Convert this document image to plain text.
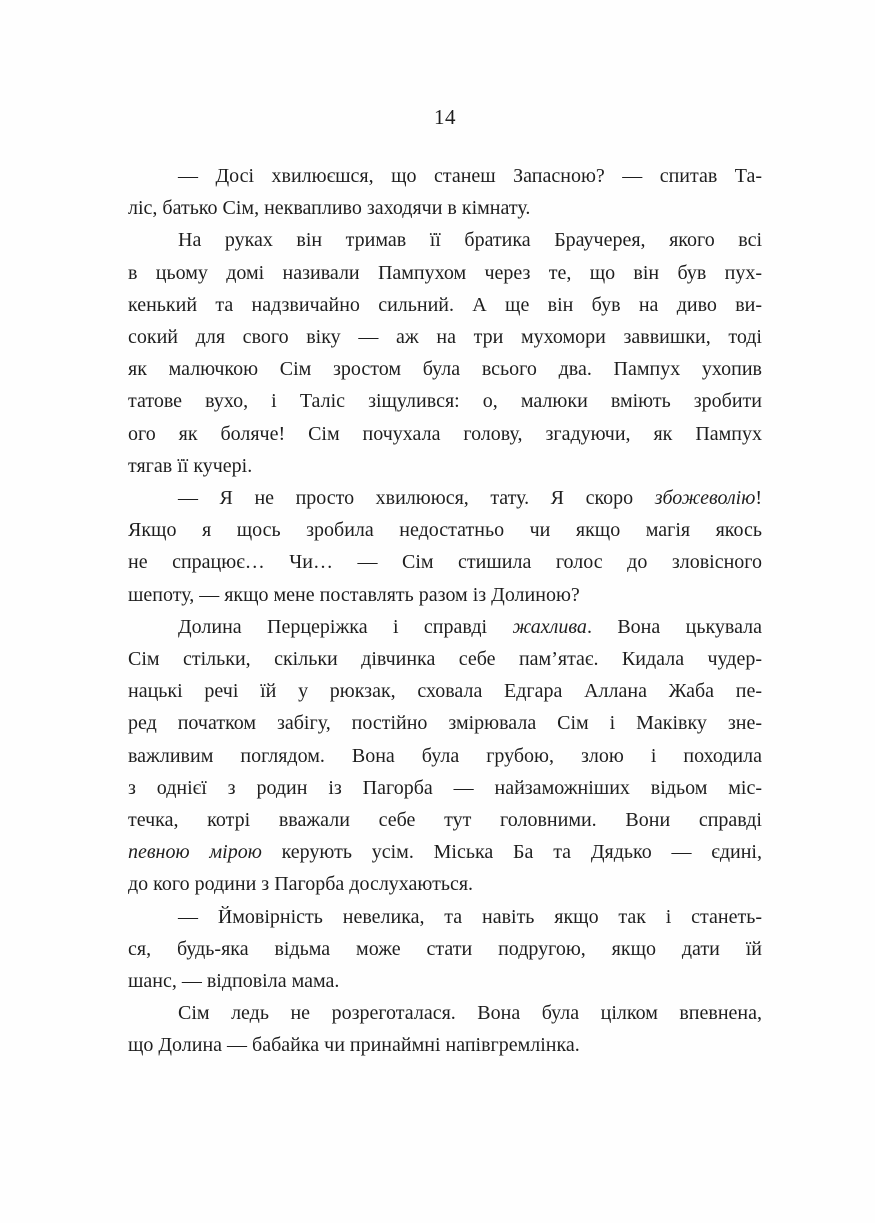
14
— Досі хвилюєшся, що станеш Запасною? — спитав Та-
ліс, батько Сім, неквапливо заходячи в кімнату.
На руках він тримав її братика Браучерея, якого всі
в цьому домі називали Пампухом через те, що він був пух-
кенький та надзвичайно сильний. А ще він був на диво ви-
сокий для свого віку — аж на три мухомори заввишки, тоді
як малючкою Сім зростом була всього два. Пампух ухопив
татове вухо, і Таліс зіщулився: о, малюки вміють зробити
ого як боляче! Сім почухала голову, згадуючи, як Пампух
тягав її кучері.
— Я не просто хвилююся, тату. Я скоро збожеволію!
Якщо я щось зробила недостатньо чи якщо магія якось
не спрацює… Чи… — Сім стишила голос до зловісного
шепоту, — якщо мене поставлять разом із Долиною?
Долина Перцеріжка і справді жахлива. Вона цькувала
Сім стільки, скільки дівчинка себе пам’ятає. Кидала чудер-
нацькі речі їй у рюкзак, сховала Едгара Аллана Жаба пе-
ред початком забігу, постійно змірювала Сім і Маківку зне-
важливим поглядом. Вона була грубою, злою і походила
з однієї з родин із Пагорба — найзаможніших відьом міс-
течка, котрі вважали себе тут головними. Вони справді
певною мірою керують усім. Міська Ба та Дядько — єдині,
до кого родини з Пагорба дослухаються.
— Ймовірність невелика, та навіть якщо так і станеть-
ся, будь-яка відьма може стати подругою, якщо дати їй
шанс, — відповіла мама.
Сім ледь не розреготалася. Вона була цілком впевнена,
що Долина — бабайка чи принаймні напівгремлінка.
